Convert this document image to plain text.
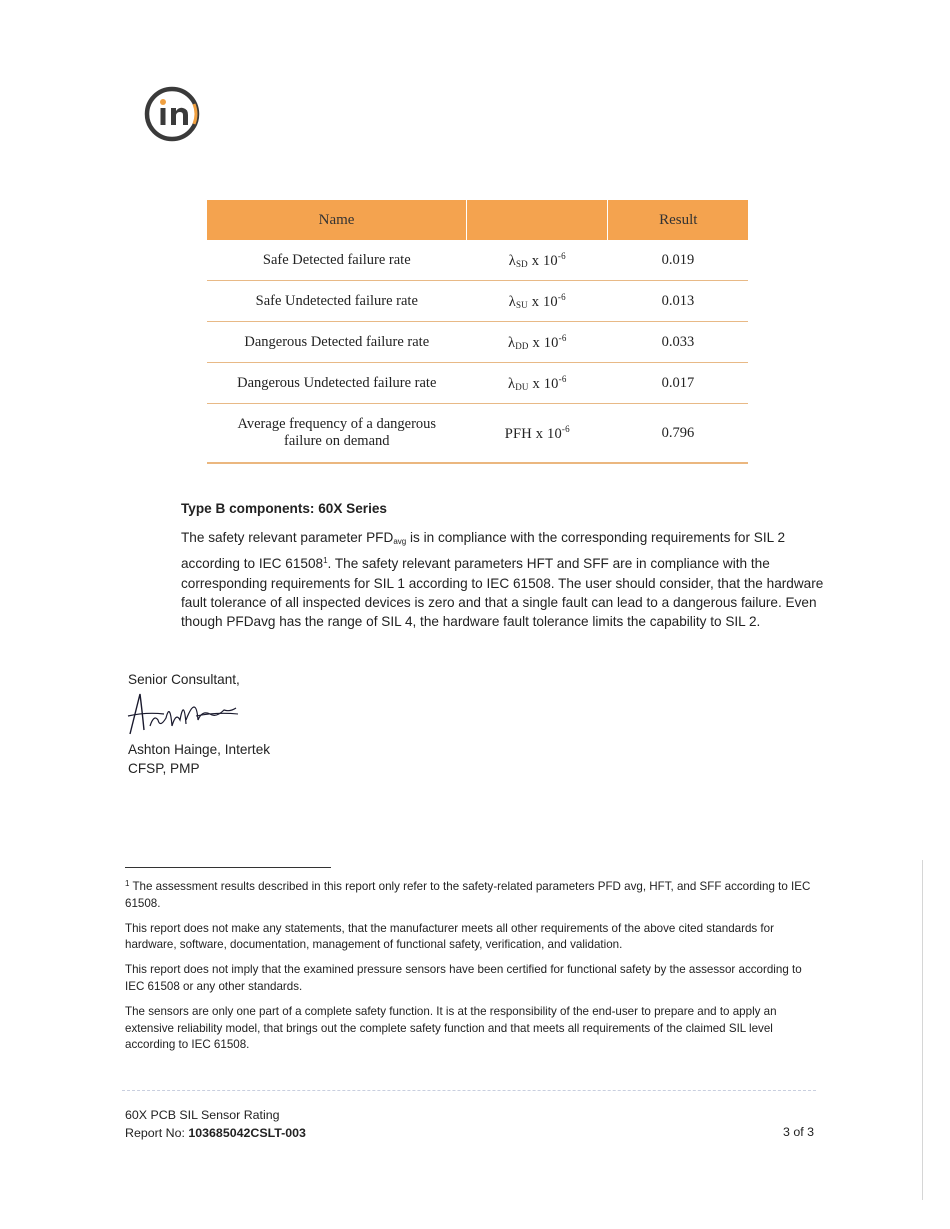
Name		Result
Safe Detected failure rate	$\lambda_{SD}$ x $10^{-6}$	0.019
Safe Undetected failure rate	$\lambda_{SU}$ x $10^{-6}$	0.013
Dangerous Detected failure rate	$\lambda_{DD}$ x $10^{-6}$	0.033
Dangerous Undetected failure rate	$\lambda_{DU}$ x $10^{-6}$	0.017
Average frequency of a dangerous
failure on demand	PFH x $10^{-6}$	0.796
Type B components: 60X Series
The safety relevant parameter $PFD_{avg}$ is in compliance with the corresponding requirements for SIL 2 according to IEC 61508$^1$. The safety relevant parameters HFT and SFF are in compliance with the corresponding requirements for SIL 1 according to IEC 61508. The user should consider, that the hardware fault tolerance of all inspected devices is zero and that a single fault can lead to a dangerous failure. Even though PFDavg has the range of SIL 4, the hardware fault tolerance limits the capability to SIL 2.
Senior Consultant,
Ashton Hainge, Intertek
CFSP, PMP

$^1$ The assessment results described in this report only refer to the safety-related parameters PFD avg, HFT, and SFF according to IEC 61508.

This report does not make any statements, that the manufacturer meets all other requirements of the above cited standards for hardware, software, documentation, management of functional safety, verification, and validation.

This report does not imply that the examined pressure sensors have been certified for functional safety by the assessor according to IEC 61508 or any other standards.

The sensors are only one part of a complete safety function. It is at the responsibility of the end-user to prepare and to apply an extensive reliability model, that brings out the complete safety function and that meets all requirements of the claimed SIL level according to IEC 61508.

60X PCB SIL Sensor Rating
Report No: 103685042CSLT-003	3 of 3
